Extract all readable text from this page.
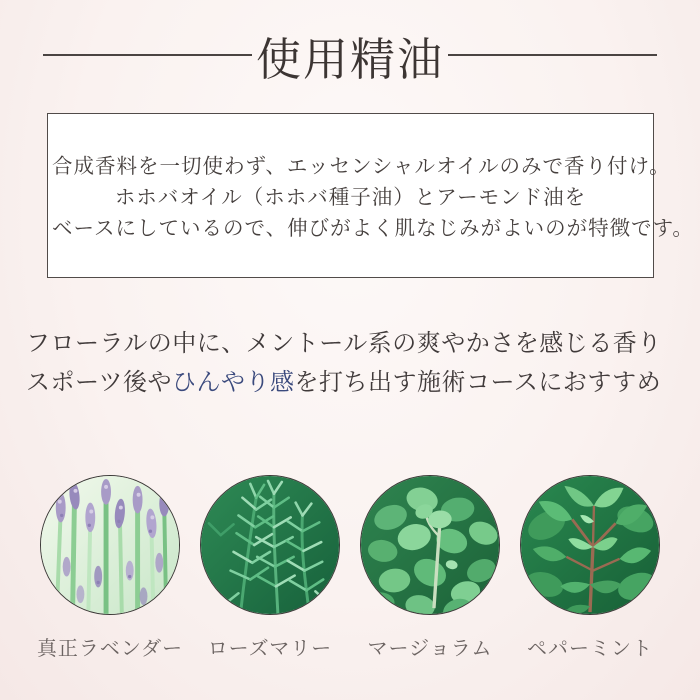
使用精油

合成香料を一切使わず、エッセンシャルオイルのみで香り付け。

ホホバオイル（ホホバ種子油）とアーモンド油を

ベースにしているので、伸びがよく肌なじみがよいのが特徴です。

フローラルの中に、メントール系の爽やかさを感じる香り

スポーツ後やひんやり感を打ち出す施術コースにおすすめ

真正ラベンダー ローズマリー マージョラム ペパーミント
